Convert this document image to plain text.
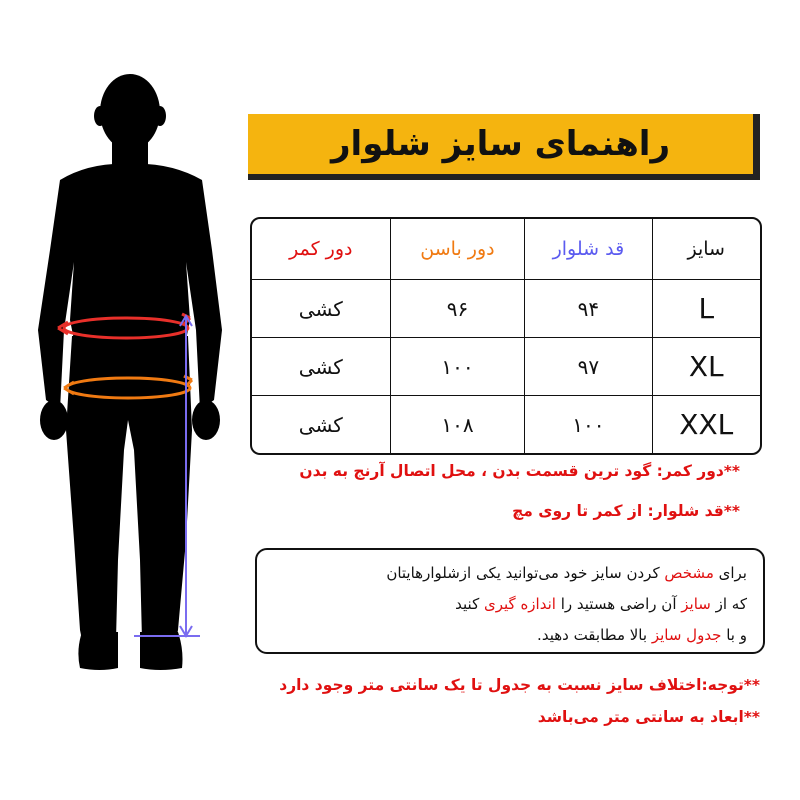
راهنمای سایز شلوار
سایز	قد شلوار	دور باسن	دور کمر
L	۹۴	۹۶	کشی
XL	۹۷	۱۰۰	کشی
XXL	۱۰۰	۱۰۸	کشی
**دور کمر: گود ترین قسمت بدن ، محل اتصال آرنج به بدن
**قد شلوار: از کمر تا روی مچ
برای مشخص کردن سایز خود می‌توانید یکی ازشلوارهایتان
که از سایز آن راضی هستید را اندازه گیری کنید
و با جدول سایز بالا مطابقت دهید.
**توجه:اختلاف سایز نسبت به جدول تا یک سانتی متر وجود دارد
**ابعاد به سانتی متر می‌باشد
